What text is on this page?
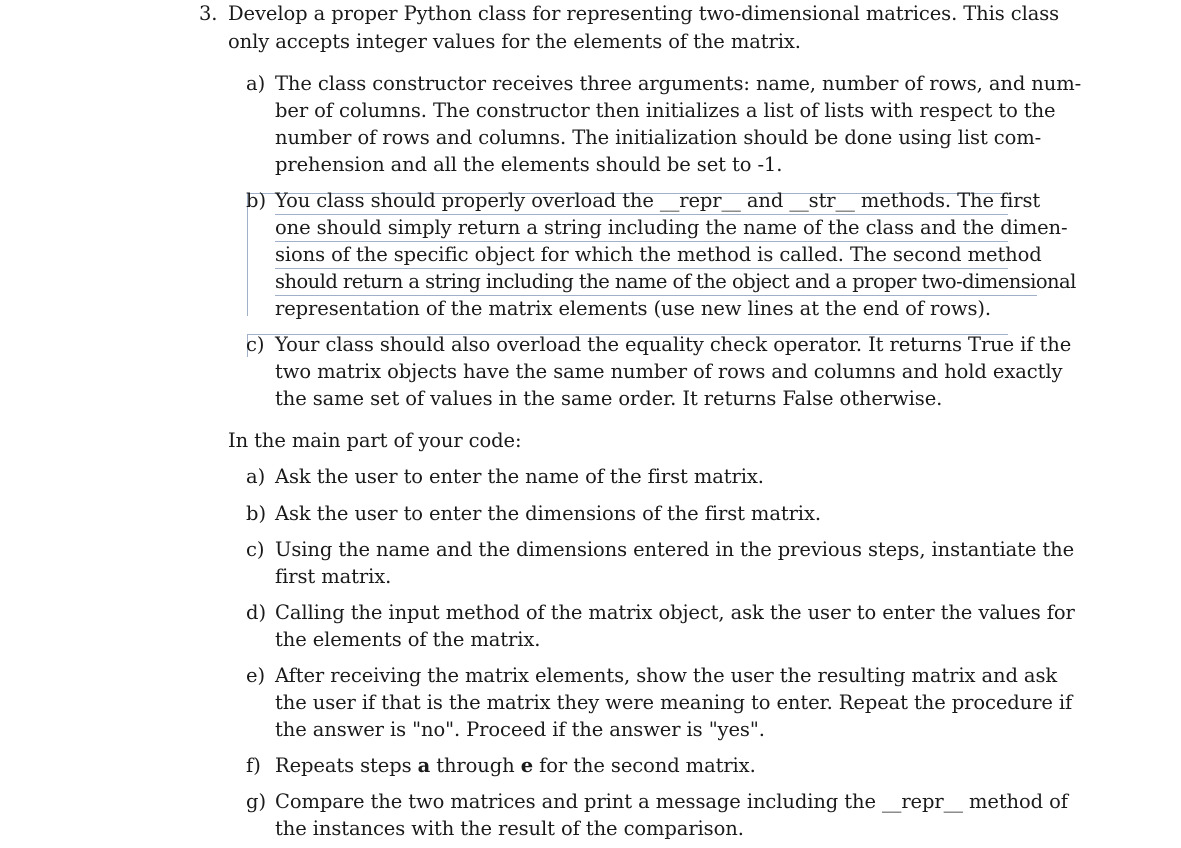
3. Develop a proper Python class for representing two-dimensional matrices. This class
only accepts integer values for the elements of the matrix.
a) The class constructor receives three arguments: name, number of rows, and num-
ber of columns. The constructor then initializes a list of lists with respect to the
number of rows and columns. The initialization should be done using list com-
prehension and all the elements should be set to -1.
b) You class should properly overload the __repr__ and __str__ methods. The first
one should simply return a string including the name of the class and the dimen-
sions of the specific object for which the method is called. The second method
should return a string including the name of the object and a proper two-dimensional
representation of the matrix elements (use new lines at the end of rows).
c) Your class should also overload the equality check operator. It returns True if the
two matrix objects have the same number of rows and columns and hold exactly
the same set of values in the same order. It returns False otherwise.
In the main part of your code:
a) Ask the user to enter the name of the first matrix.
b) Ask the user to enter the dimensions of the first matrix.
c) Using the name and the dimensions entered in the previous steps, instantiate the
first matrix.
d) Calling the input method of the matrix object, ask the user to enter the values for
the elements of the matrix.
e) After receiving the matrix elements, show the user the resulting matrix and ask
the user if that is the matrix they were meaning to enter. Repeat the procedure if
the answer is "no". Proceed if the answer is "yes".
f) Repeats steps a through e for the second matrix.
g) Compare the two matrices and print a message including the __repr__ method of
the instances with the result of the comparison.
